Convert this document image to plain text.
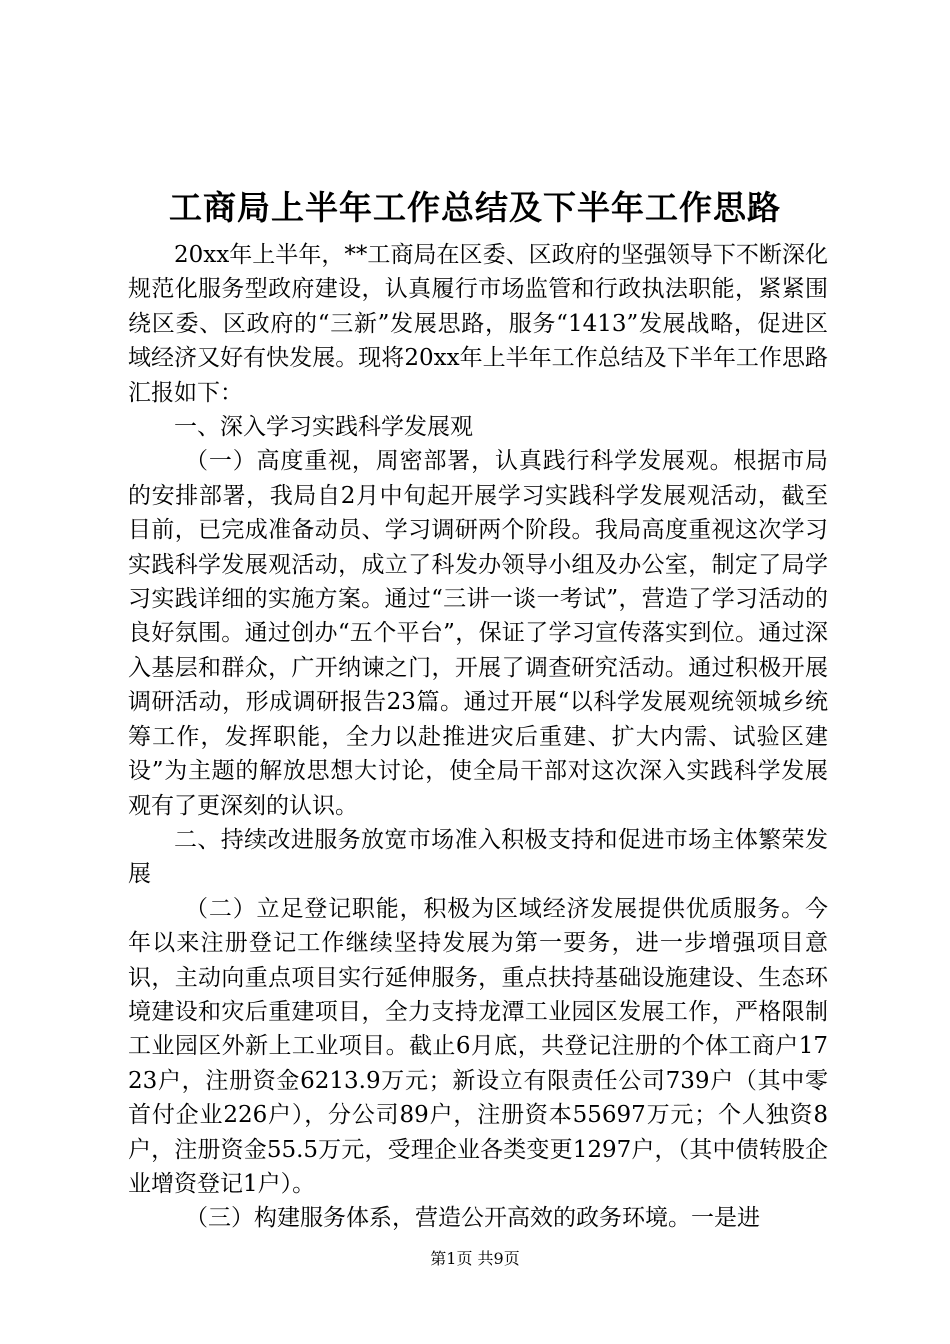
工商局上半年工作总结及下半年工作思路

20xx年上半年，**工商局在区委、区政府的坚强领导下不断深化规范化服务型政府建设，认真履行市场监管和行政执法职能，紧紧围绕区委、区政府的“三新”发展思路，服务“1413”发展战略，促进区域经济又好有快发展。现将20xx年上半年工作总结及下半年工作思路汇报如下：

一、深入学习实践科学发展观

（一）高度重视，周密部署，认真践行科学发展观。根据市局的安排部署，我局自2月中旬起开展学习实践科学发展观活动，截至目前，已完成准备动员、学习调研两个阶段。我局高度重视这次学习实践科学发展观活动，成立了科发办领导小组及办公室，制定了局学习实践详细的实施方案。通过“三讲一谈一考试”，营造了学习活动的良好氛围。通过创办“五个平台”，保证了学习宣传落实到位。通过深入基层和群众，广开纳谏之门，开展了调查研究活动。通过积极开展调研活动，形成调研报告23篇。通过开展“以科学发展观统领城乡统筹工作，发挥职能，全力以赴推进灾后重建、扩大内需、试验区建设”为主题的解放思想大讨论，使全局干部对这次深入实践科学发展观有了更深刻的认识。

二、持续改进服务放宽市场准入积极支持和促进市场主体繁荣发展

（二）立足登记职能，积极为区域经济发展提供优质服务。今年以来注册登记工作继续坚持发展为第一要务，进一步增强项目意识，主动向重点项目实行延伸服务，重点扶持基础设施建设、生态环境建设和灾后重建项目，全力支持龙潭工业园区发展工作，严格限制工业园区外新上工业项目。截止6月底，共登记注册的个体工商户1723户，注册资金6213.9万元；新设立有限责任公司739户（其中零首付企业226户），分公司89户，注册资本55697万元；个人独资8户，注册资金55.5万元，受理企业各类变更1297户，（其中债转股企业增资登记1户）。

（三）构建服务体系，营造公开高效的政务环境。一是进

第1页 共9页
